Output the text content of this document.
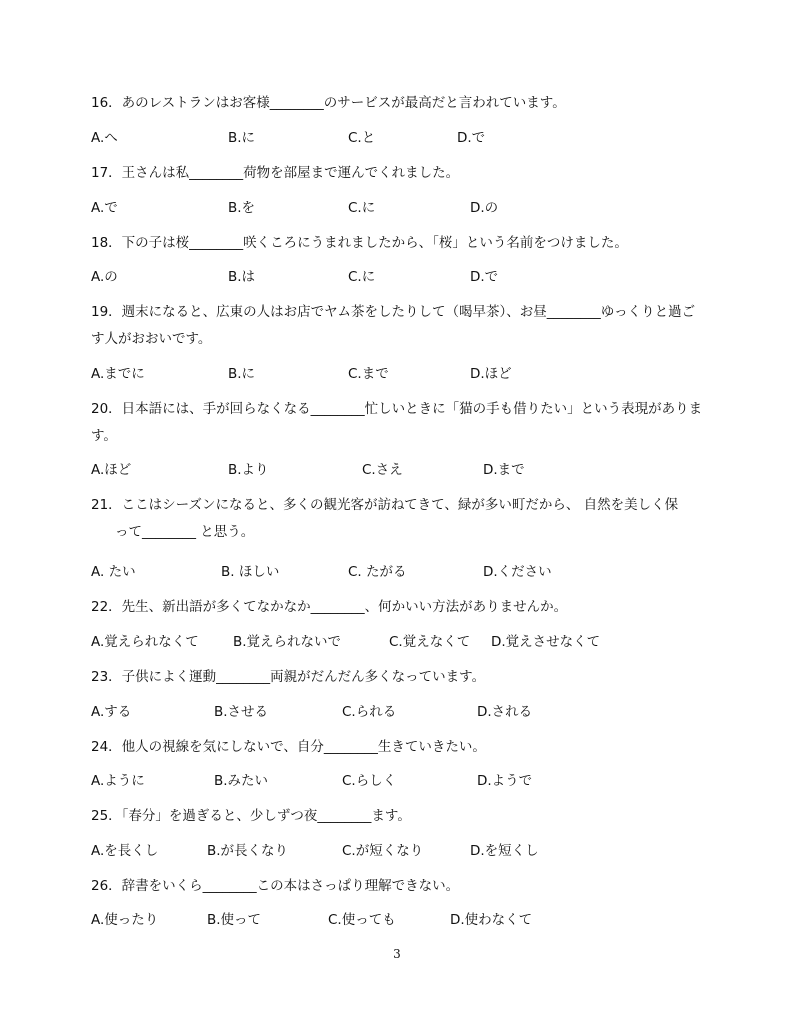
16．あのレストランはお客様________のサービスが最高だと言われています。
A.へ	B.に	C.と	D.で
17．王さんは私________荷物を部屋まで運んでくれました。
A.で	B.を	C.に	D.の
18．下の子は桜________咲くころにうまれましたから、「桜」という名前をつけました。
A.の	B.は	C.に	D.で
19．週末になると、広東の人はお店でヤム茶をしたりして（喝早茶）、お昼________ゆっくりと過ご
す人がおおいです。
A.までに	B.に	C.まで	D.ほど
20．日本語には、手が回らなくなる________忙しいときに「猫の手も借りたい」という表現がありま
す。
A.ほど	B.より	C.さえ	D.まで
21．ここはシーズンになると、多くの観光客が訪ねてきて、緑が多い町だから、 自然を美しく保
って________ と思う。
A. たい	B. ほしい	C. たがる	D.ください
22．先生、新出語が多くてなかなか________、何かいい方法がありませんか。
A.覚えられなくて	B.覚えられないで	C.覚えなくて D.覚えさせなくて
23．子供によく運動________両親がだんだん多くなっています。
A.する	B.させる	C.られる	D.される
24．他人の視線を気にしないで、自分________生きていきたい。
A.ように	B.みたい	C.らしく	D.ようで
25．「春分」を過ぎると、少しずつ夜________ます。
A.を長くし	B.が長くなり	C.が短くなり	D.を短くし
26．辞書をいくら________この本はさっぱり理解できない。
A.使ったり	B.使って	C.使っても	D.使わなくて
3
